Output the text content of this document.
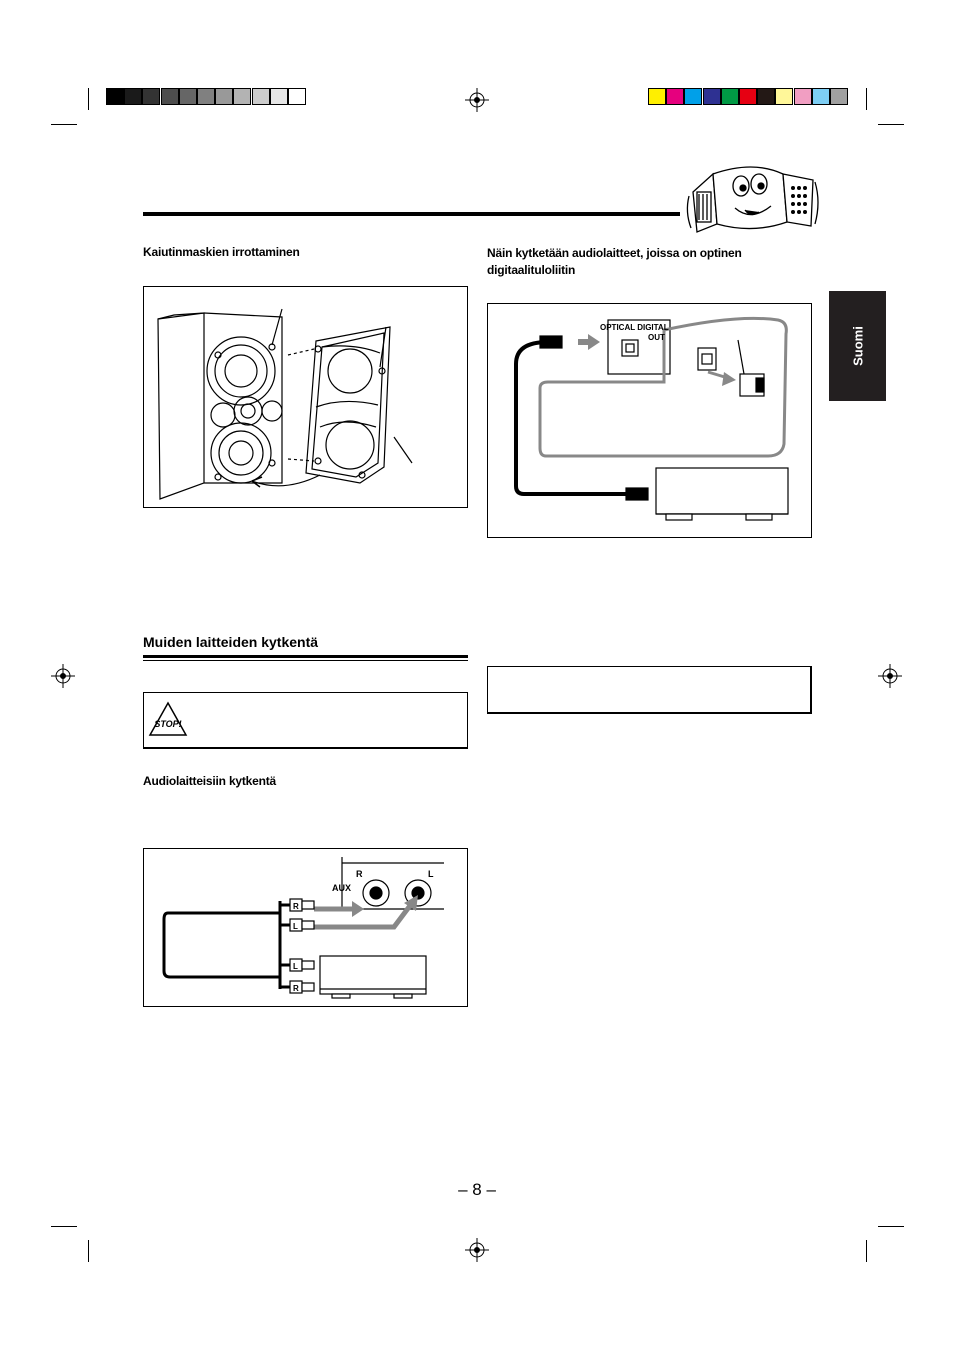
Suomi
Kaiutinmaskien irrottaminen
Muiden laitteiden kytkentä
STOP!
Audiolaitteisiin kytkentä
AUX
R	L
R
L
L
R
Näin kytketään audiolaitteet, joissa on optinen digitaalituloliitin
OPTICAL DIGITAL
OUT
– 8 –
